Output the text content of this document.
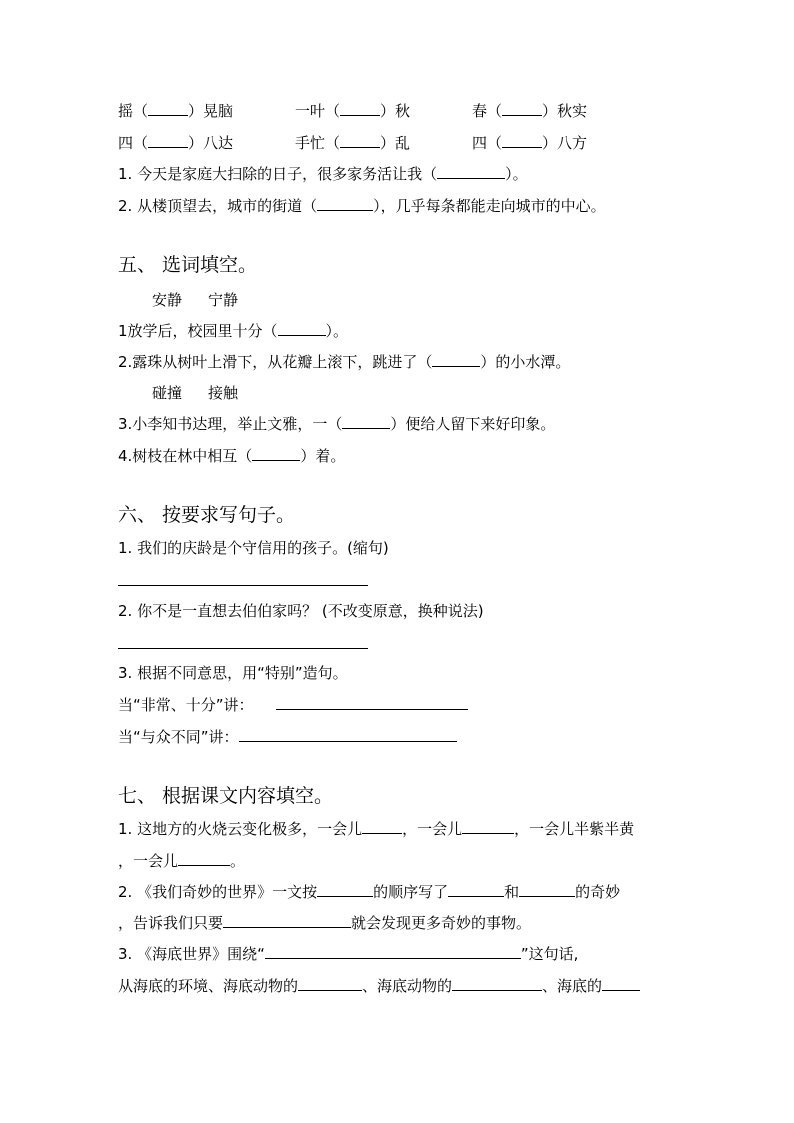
摇（	）晃脑	一叶（	）秋	春（	）秋实
四（	）八达	手忙（	）乱	四（	）八方
1. 今天是家庭大扫除的日子，很多家务活让我（	）。
2. 从楼顶望去，城市的街道（	），几乎每条都能走向城市的中心。
五、 选词填空。
安静 宁静
1放学后，校园里十分（	）。
2.露珠从树叶上滑下，从花瓣上滚下，跳进了（	）的小水潭。
碰撞 接触
3.小李知书达理，举止文雅，一（	）便给人留下来好印象。
4.树枝在林中相互（	）着。
六、 按要求写句子。
1. 我们的庆龄是个守信用的孩子。(缩句)
2. 你不是一直想去伯伯家吗？ (不改变原意，换种说法)
3. 根据不同意思，用“特别”造句。
当“非常、十分”讲：
当“与众不同”讲：
七、 根据课文内容填空。
1. 这地方的火烧云变化极多，一会儿	，一会儿	，一会儿半紫半黄
，一会儿	。
2. 《我们奇妙的世界》一文按	的顺序写了	和	的奇妙
，告诉我们只要	就会发现更多奇妙的事物。
3. 《海底世界》围绕“	”这句话,
从海底的环境、海底动物的	、海底动物的	、海底的
